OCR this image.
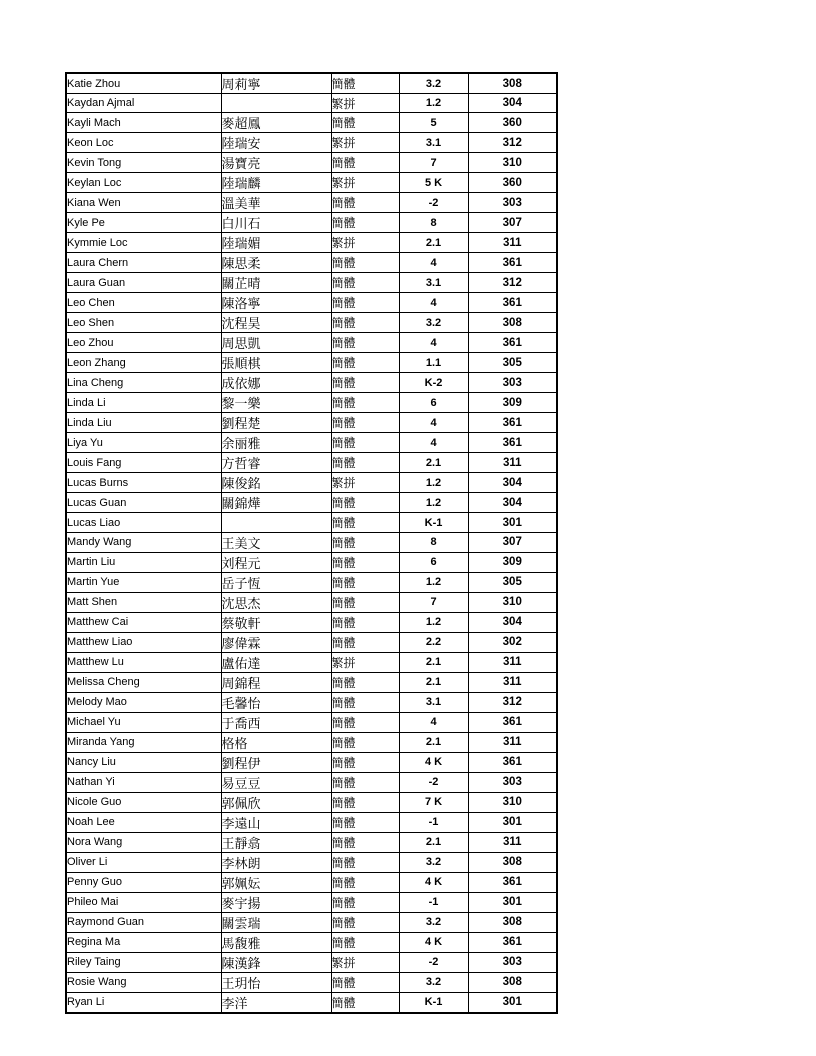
Katie Zhou	周莉寧	簡體	3.2	308
Kaydan Ajmal		繁拼	1.2	304
Kayli Mach	麥超鳳	簡體	5	360
Keon Loc	陸瑞安	繁拼	3.1	312
Kevin Tong	湯寶亮	簡體	7	310
Keylan Loc	陸瑞麟	繁拼	5 K	360
Kiana Wen	溫美華	簡體	-2	303
Kyle Pe	白川石	簡體	8	307
Kymmie Loc	陸瑞媚	繁拼	2.1	311
Laura Chern	陳思柔	簡體	4	361
Laura Guan	關芷晴	簡體	3.1	312
Leo Chen	陳洛寧	簡體	4	361
Leo Shen	沈程昊	簡體	3.2	308
Leo Zhou	周思凱	簡體	4	361
Leon Zhang	張順棋	簡體	1.1	305
Lina Cheng	成依娜	簡體	K-2	303
Linda Li	黎一樂	簡體	6	309
Linda Liu	劉程楚	簡體	4	361
Liya Yu	余丽雅	簡體	4	361
Louis Fang	方哲睿	簡體	2.1	311
Lucas Burns	陳俊銘	繁拼	1.2	304
Lucas Guan	關錦燁	簡體	1.2	304
Lucas Liao		簡體	K-1	301
Mandy Wang	王美文	簡體	8	307
Martin Liu	刘程元	簡體	6	309
Martin Yue	岳子恆	簡體	1.2	305
Matt Shen	沈思杰	簡體	7	310
Matthew Cai	蔡敬軒	簡體	1.2	304
Matthew Liao	廖偉霖	簡體	2.2	302
Matthew Lu	盧佑達	繁拼	2.1	311
Melissa Cheng	周錦程	簡體	2.1	311
Melody Mao	毛馨怡	簡體	3.1	312
Michael Yu	于喬西	簡體	4	361
Miranda Yang	格格	簡體	2.1	311
Nancy Liu	劉程伊	簡體	4 K	361
Nathan Yi	易豆豆	簡體	-2	303
Nicole Guo	郭佩欣	簡體	7 K	310
Noah Lee	李遠山	簡體	-1	301
Nora Wang	王靜翕	簡體	2.1	311
Oliver Li	李林朗	簡體	3.2	308
Penny Guo	郭姵妘	簡體	4 K	361
Phileo Mai	麥宇揚	簡體	-1	301
Raymond Guan	關雲瑞	簡體	3.2	308
Regina Ma	馬馥雅	簡體	4 K	361
Riley Taing	陳漢鋒	繁拼	-2	303
Rosie Wang	王玥怡	簡體	3.2	308
Ryan Li	李洋	簡體	K-1	301
